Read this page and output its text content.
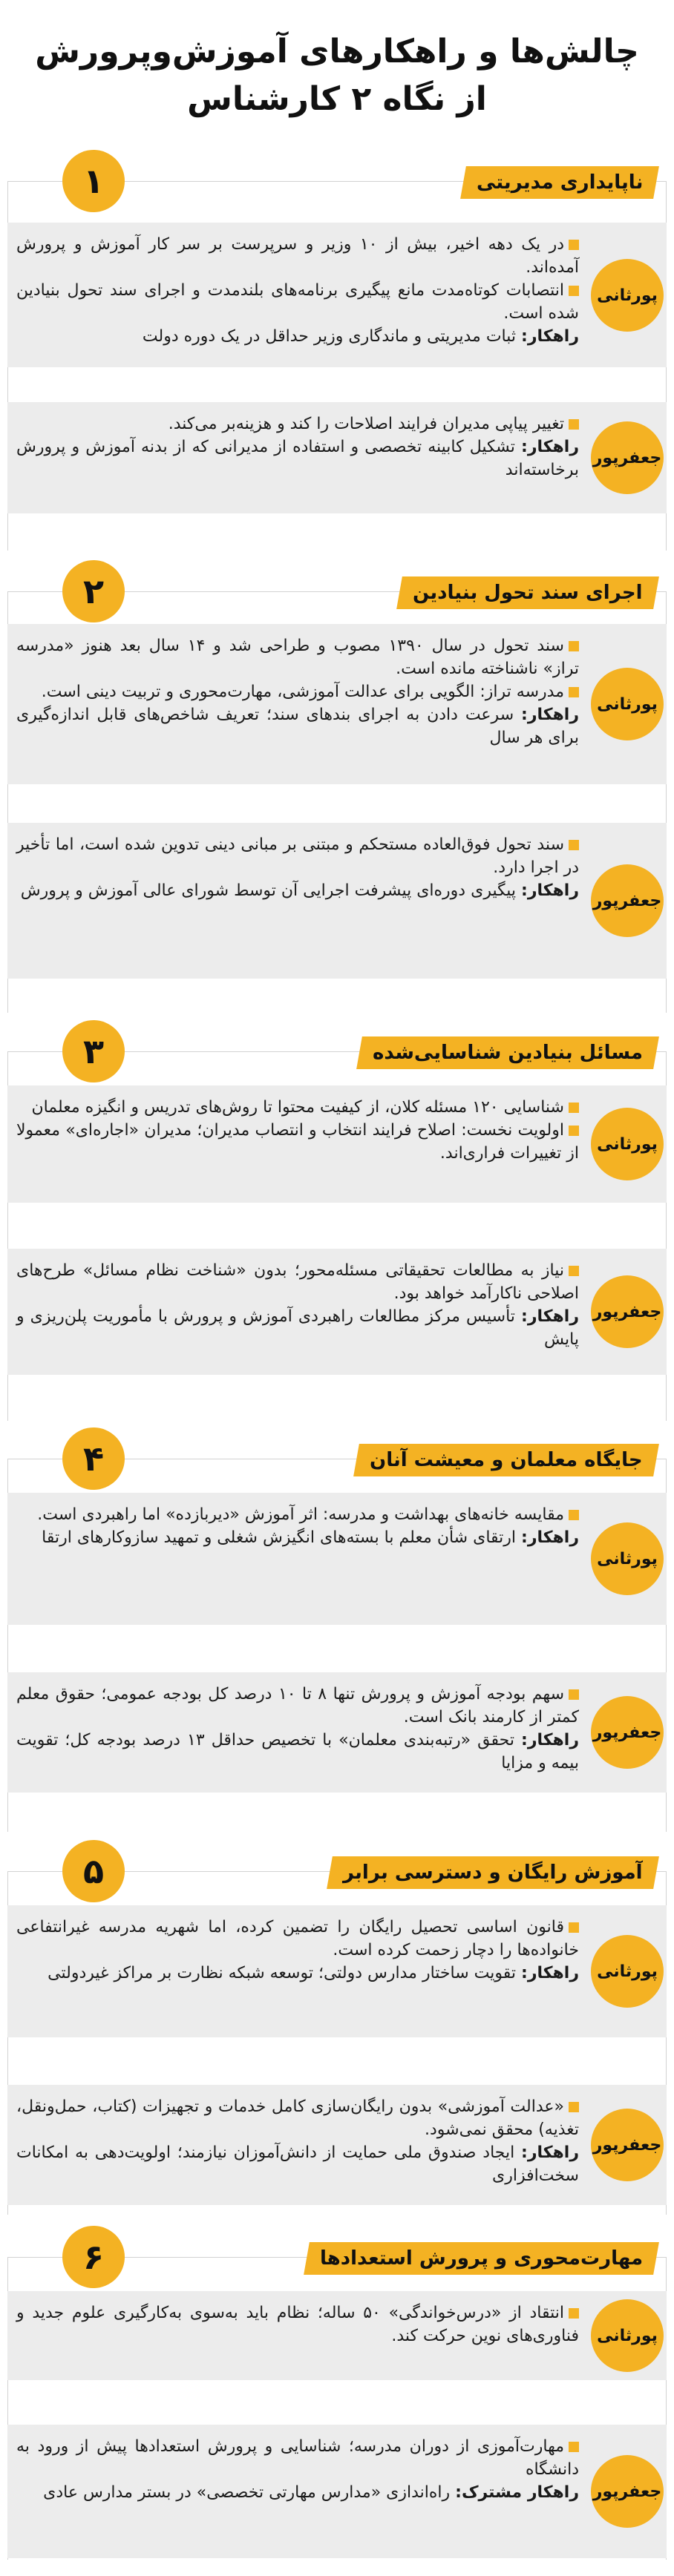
چالش‌ها و راهکارهای آموزش‌وپرورش از نگاه ۲ کارشناس
۱	ناپایداری مدیریتی
پورثانی

در یک دهه اخیر، بیش از ۱۰ وزیر و سرپرست بر سر کار آموزش و پرورش آمده‌اند.

انتصابات کوتاه‌مدت مانع پیگیری برنامه‌های بلندمدت و اجرای سند تحول بنیادین شده است.

راهکار: ثبات مدیریتی و ماندگاری وزیر حداقل در یک دوره دولت

جعفرپور

تغییر پیاپی مدیران فرایند اصلاحات را کند و هزینه‌بر می‌کند.

راهکار: تشکیل کابینه تخصصی و استفاده از مدیرانی که از بدنه آموزش و پرورش برخاسته‌اند

۲	اجرای سند تحول بنیادین
پورثانی

سند تحول در سال ۱۳۹۰ مصوب و طراحی شد و ۱۴ سال بعد هنوز «مدرسه تراز» ناشناخته مانده است.

مدرسه تراز: الگویی برای عدالت آموزشی، مهارت‌محوری و تربیت دینی است.

راهکار: سرعت دادن به اجرای بندهای سند؛ تعریف شاخص‌های قابل اندازه‌گیری برای هر سال

جعفرپور

سند تحول فوق‌العاده مستحکم و مبتنی بر مبانی دینی تدوین شده است، اما تأخیر در اجرا دارد.

راهکار: پیگیری دوره‌ای پیشرفت اجرایی آن توسط شورای عالی آموزش و پرورش

۳	مسائل بنیادین شناسایی‌شده
پورثانی

شناسایی ۱۲۰ مسئله کلان، از کیفیت محتوا تا روش‌های تدریس و انگیزه معلمان

اولویت نخست: اصلاح فرایند انتخاب و انتصاب مدیران؛ مدیران «اجاره‌ای» معمولا از تغییرات فراری‌اند.

جعفرپور

نیاز به مطالعات تحقیقاتی مسئله‌محور؛ بدون «شناخت نظام مسائل» طرح‌های اصلاحی ناکارآمد خواهد بود.

راهکار: تأسیس مرکز مطالعات راهبردی آموزش و پرورش با مأموریت پلن‌ریزی و پایش

۴	جایگاه معلمان و معیشت آنان
پورثانی

مقایسه خانه‌های بهداشت و مدرسه: اثر آموزش «دیربازده» اما راهبردی است.

راهکار: ارتقای شأن معلم با بسته‌های انگیزش شغلی و تمهید سازوکارهای ارتقا

جعفرپور

سهم بودجه آموزش و پرورش تنها ۸ تا ۱۰ درصد کل بودجه عمومی؛ حقوق معلم کمتر از کارمند بانک است.

راهکار: تحقق «رتبه‌بندی معلمان» با تخصیص حداقل ۱۳ درصد بودجه کل؛ تقویت بیمه و مزایا

۵	آموزش رایگان و دسترسی برابر
پورثانی

قانون اساسی تحصیل رایگان را تضمین کرده، اما شهریه مدرسه غیرانتفاعی خانواده‌ها را دچار زحمت کرده است.

راهکار: تقویت ساختار مدارس دولتی؛ توسعه شبکه نظارت بر مراکز غیردولتی

جعفرپور

«عدالت آموزشی» بدون رایگان‌سازی کامل خدمات و تجهیزات (کتاب، حمل‌ونقل، تغذیه) محقق نمی‌شود.

راهکار: ایجاد صندوق ملی حمایت از دانش‌آموزان نیازمند؛ اولویت‌دهی به امکانات سخت‌افزاری

۶	مهارت‌محوری و پرورش استعدادها
پورثانی

انتقاد از «درس‌خواندگی» ۵۰ ساله؛ نظام باید به‌سوی به‌کارگیری علوم جدید و فناوری‌های نوین حرکت کند.

جعفرپور

مهارت‌آموزی از دوران مدرسه؛ شناسایی و پرورش استعدادها پیش از ورود به دانشگاه

راهکار مشترک: راه‌اندازی «مدارس مهارتی تخصصی» در بستر مدارس عادی
